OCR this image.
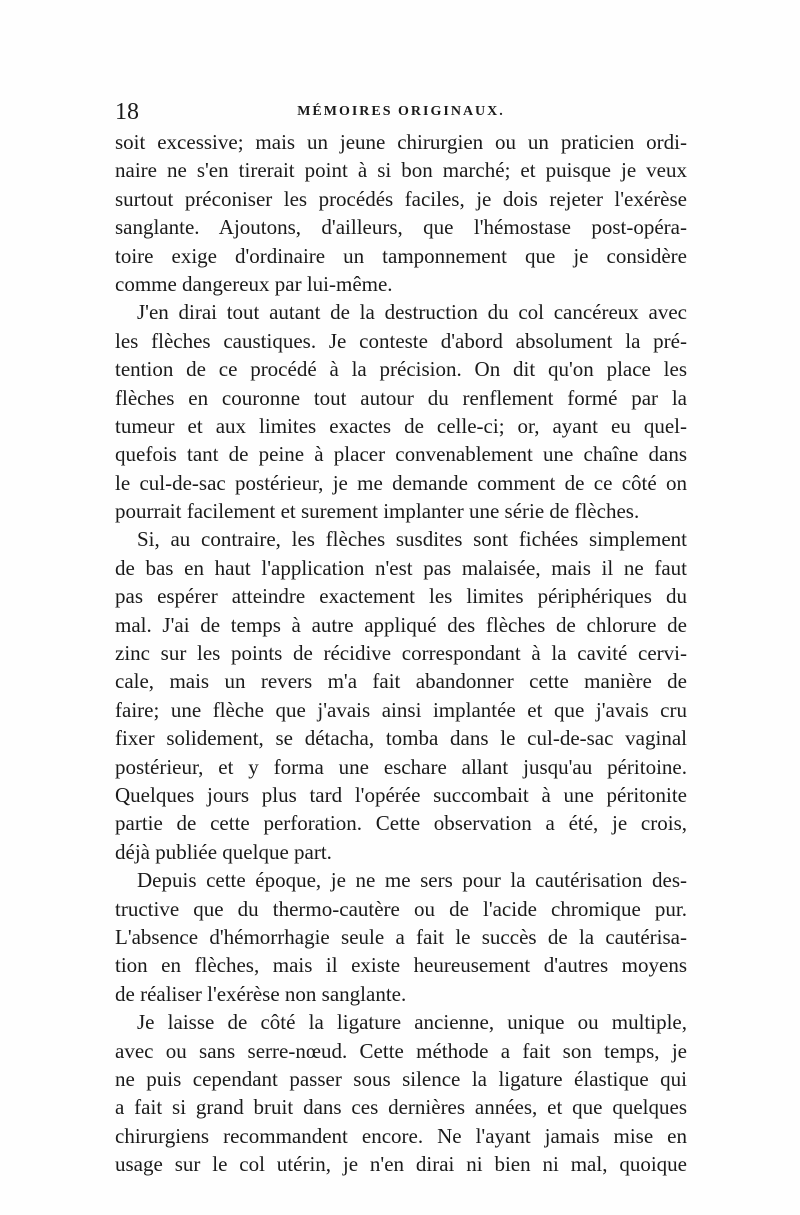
18	MÉMOIRES ORIGINAUX.
soit excessive; mais un jeune chirurgien ou un praticien ordi-
naire ne s'en tirerait point à si bon marché; et puisque je veux
surtout préconiser les procédés faciles, je dois rejeter l'exérèse
sanglante. Ajoutons, d'ailleurs, que l'hémostase post-opéra-
toire exige d'ordinaire un tamponnement que je considère
comme dangereux par lui-même.
J'en dirai tout autant de la destruction du col cancéreux avec
les flèches caustiques. Je conteste d'abord absolument la pré-
tention de ce procédé à la précision. On dit qu'on place les
flèches en couronne tout autour du renflement formé par la
tumeur et aux limites exactes de celle-ci; or, ayant eu quel-
quefois tant de peine à placer convenablement une chaîne dans
le cul-de-sac postérieur, je me demande comment de ce côté on
pourrait facilement et surement implanter une série de flèches.
Si, au contraire, les flèches susdites sont fichées simplement
de bas en haut l'application n'est pas malaisée, mais il ne faut
pas espérer atteindre exactement les limites périphériques du
mal. J'ai de temps à autre appliqué des flèches de chlorure de
zinc sur les points de récidive correspondant à la cavité cervi-
cale, mais un revers m'a fait abandonner cette manière de
faire; une flèche que j'avais ainsi implantée et que j'avais cru
fixer solidement, se détacha, tomba dans le cul-de-sac vaginal
postérieur, et y forma une eschare allant jusqu'au péritoine.
Quelques jours plus tard l'opérée succombait à une péritonite
partie de cette perforation. Cette observation a été, je crois,
déjà publiée quelque part.
Depuis cette époque, je ne me sers pour la cautérisation des-
tructive que du thermo-cautère ou de l'acide chromique pur.
L'absence d'hémorrhagie seule a fait le succès de la cautérisa-
tion en flèches, mais il existe heureusement d'autres moyens
de réaliser l'exérèse non sanglante.
Je laisse de côté la ligature ancienne, unique ou multiple,
avec ou sans serre-nœud. Cette méthode a fait son temps, je
ne puis cependant passer sous silence la ligature élastique qui
a fait si grand bruit dans ces dernières années, et que quelques
chirurgiens recommandent encore. Ne l'ayant jamais mise en
usage sur le col utérin, je n'en dirai ni bien ni mal, quoique
